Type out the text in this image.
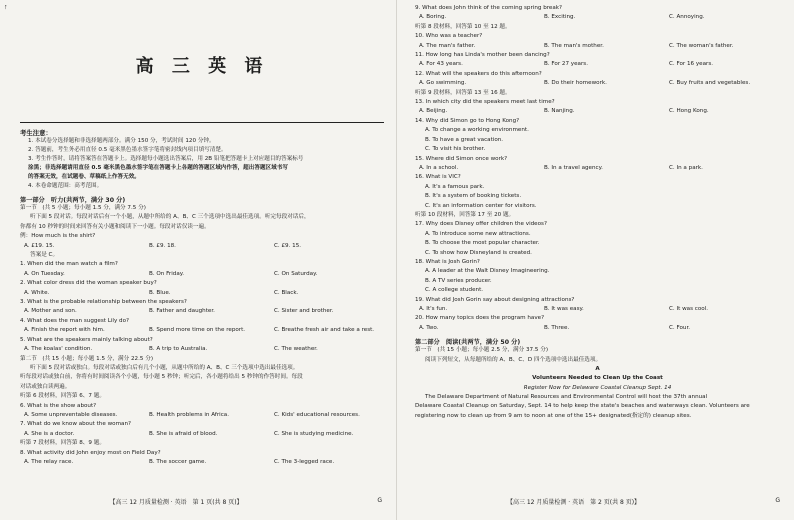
↑
高 三 英 语
考生注意：
1. 本试卷分选择题和非选择题两部分。满分 150 分，考试时间 120 分钟。
2. 答题前，考生务必用直径 0.5 毫米黑色墨水签字笔将密封线内项目填写清楚。
3. 考生作答时，请将答案答在答题卡上。选择题每小题选出答案后，用 2B 铅笔把答题卡上对应题目的答案标号
涂黑；非选择题请用直径 0.5 毫米黑色墨水签字笔在答题卡上各题的答题区域内作答，超出答题区域书写
的答案无效，在试题卷、草稿纸上作答无效。
4. 本卷命题范围：高考范围。
第一部分　听力(共两节，满分 30 分)
第一节　(共 5 小题；每小题 1.5 分，满分 7.5 分)
听下面 5 段对话。每段对话后有一个小题，从题中所给的 A、B、C 三个选项中选出最佳选项。听完每段对话后，
你都有 10 秒钟的时间来回答有关小题和阅读下一小题。每段对话仅读一遍。
例：How much is the shirt?
A. £19. 15.	B. £9. 18.	C. £9. 15.
答案是 C。
1. When did the man watch a film?
A. On Tuesday.	B. On Friday.	C. On Saturday.
2. What color dress did the woman speaker buy?
A. White.	B. Blue.	C. Black.
3. What is the probable relationship between the speakers?
A. Mother and son.	B. Father and daughter.	C. Sister and brother.
4. What does the man suggest Lily do?
A. Finish the report with him.	B. Spend more time on the report.	C. Breathe fresh air and take a rest.
5. What are the speakers mainly talking about?
A. The koalas' condition.	B. A trip to Australia.	C. The weather.
第二节　(共 15 小题；每小题 1.5 分，满分 22.5 分)
听下面 5 段对话或独白。每段对话或独白后有几个小题，从题中所给的 A、B、C 三个选项中选出最佳选项。
听每段对话或独白前，你将有时间阅读各个小题，每小题 5 秒钟；听完后，各小题将给出 5 秒钟的作答时间。每段
对话或独白读两遍。
听第 6 段材料，回答第 6、7 题。
6. What is the show about?
A. Some unpreventable diseases.	B. Health problems in Africa.	C. Kids' educational resources.
7. What do we know about the woman?
A. She is a doctor.	B. She is afraid of blood.	C. She is studying medicine.
听第 7 段材料，回答第 8、9 题。
8. What activity did John enjoy most on Field Day?
A. The relay race.	B. The soccer game.	C. The 3-legged race.
【高三 12 月质量检测 · 英语　第 1 页(共 8 页)】	G
9. What does John think of the coming spring break?
A. Boring.	B. Exciting.	C. Annoying.
听第 8 段材料，回答第 10 至 12 题。
10. Who was a teacher?
A. The man's father.	B. The man's mother.	C. The woman's father.
11. How long has Linda's mother been dancing?
A. For 43 years.	B. For 27 years.	C. For 16 years.
12. What will the speakers do this afternoon?
A. Go swimming.	B. Do their homework.	C. Buy fruits and vegetables.
听第 9 段材料，回答第 13 至 16 题。
13. In which city did the speakers meet last time?
A. Beijing.	B. Nanjing.	C. Hong Kong.
14. Why did Simon go to Hong Kong?
A. To change a working environment.
B. To have a great vacation.
C. To visit his brother.
15. Where did Simon once work?
A. In a school.	B. In a travel agency.	C. In a park.
16. What is VIC?
A. It's a famous park.
B. It's a system of booking tickets.
C. It's an information center for visitors.
听第 10 段材料，回答第 17 至 20 题。
17. Why does Disney offer children the videos?
A. To introduce some new attractions.
B. To choose the most popular character.
C. To show how Disneyland is created.
18. What is Josh Gorin?
A. A leader at the Walt Disney Imagineering.
B. A TV series producer.
C. A college student.
19. What did Josh Gorin say about designing attractions?
A. It's fun.	B. It was easy.	C. It was cool.
20. How many topics does the program have?
A. Two.	B. Three.	C. Four.
第二部分　阅读(共两节，满分 50 分)
第一节　(共 15 小题；每小题 2.5 分，满分 37.5 分)
阅读下列短文，从每题所给的 A、B、C、D 四个选项中选出最佳选项。
A
Volunteers Needed to Clean Up the Coast
Register Now for Delaware Coastal Cleanup Sept. 14
The Delaware Department of Natural Resources and Environmental Control will host the 37th annual
Delaware Coastal Cleanup on Saturday, Sept. 14 to help keep the state's beaches and waterways clean. Volunteers are
registering now to clean up from 9 am to noon at one of the 15+ designated(指定的) cleanup sites.
【高三 12 月质量检测 · 英语　第 2 页(共 8 页)】	G
